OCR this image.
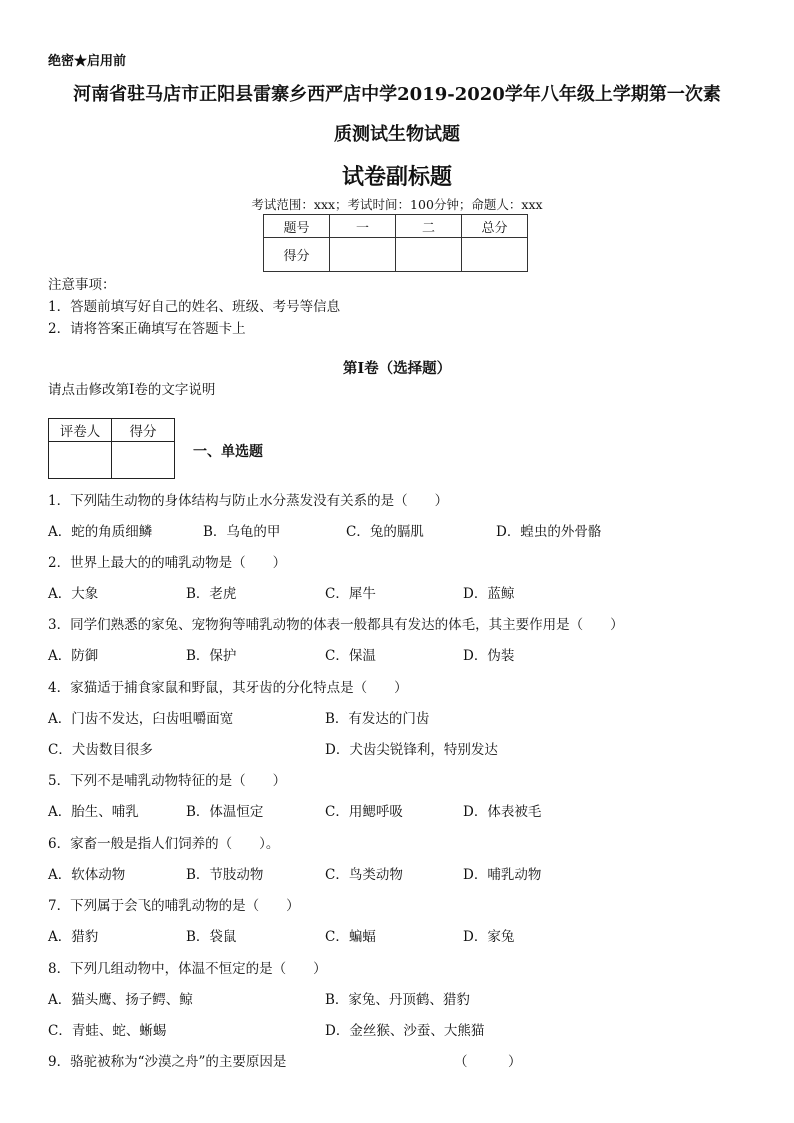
绝密★启用前
河南省驻马店市正阳县雷寨乡西严店中学2019-2020学年八年级上学期第一次素
质测试生物试题
试卷副标题
考试范围：xxx；考试时间：100分钟；命题人：xxx
题号	一	二	总分
得分			
注意事项：
1．答题前填写好自己的姓名、班级、考号等信息
2．请将答案正确填写在答题卡上
第I卷（选择题）
请点击修改第I卷的文字说明
评卷人	得分

一、单选题
1．下列陆生动物的身体结构与防止水分蒸发没有关系的是（　　）
A．蛇的角质细鳞	B．乌龟的甲	C．兔的膈肌	D．蝗虫的外骨骼
2．世界上最大的的哺乳动物是（　　）
A．大象	B．老虎	C．犀牛	D．蓝鲸
3．同学们熟悉的家兔、宠物狗等哺乳动物的体表一般都具有发达的体毛，其主要作用是（　　）
A．防御	B．保护	C．保温	D．伪装
4．家猫适于捕食家鼠和野鼠，其牙齿的分化特点是（　　）
A．门齿不发达，臼齿咀嚼面宽	B．有发达的门齿
C．犬齿数目很多	D．犬齿尖锐锋利，特别发达
5．下列不是哺乳动物特征的是（　　）
A．胎生、哺乳	B．体温恒定	C．用鳃呼吸	D．体表被毛
6．家畜一般是指人们饲养的（　　）。
A．软体动物	B．节肢动物	C．鸟类动物	D．哺乳动物
7．下列属于会飞的哺乳动物的是（　　）
A．猎豹	B．袋鼠	C．蝙蝠	D．家兔
8．下列几组动物中，体温不恒定的是（　　）
A．猫头鹰、扬子鳄、鲸	B．家兔、丹顶鹤、猎豹
C．青蛙、蛇、蜥蜴	D．金丝猴、沙蚕、大熊猫
9．骆驼被称为“沙漠之舟”的主要原因是	（　　　）
